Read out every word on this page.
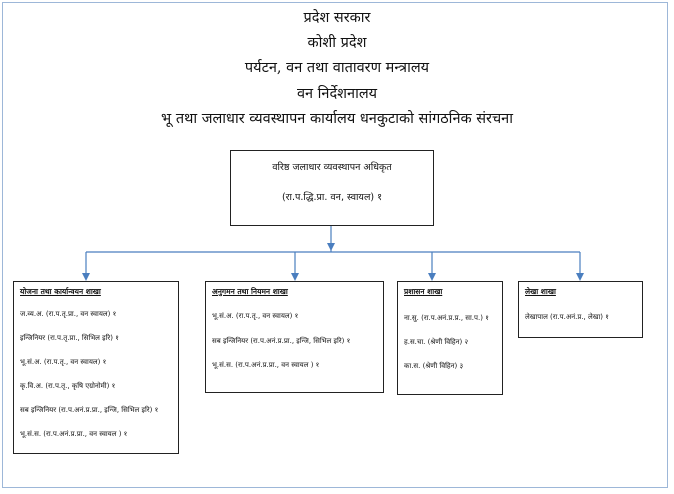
प्रदेश सरकार
कोशी प्रदेश
पर्यटन, वन तथा वातावरण मन्त्रालय
वन निर्देशनालय
भू तथा जलाधार व्यवस्थापन कार्यालय धनकुटाको सांगठनिक संरचना
वरिष्ठ जलाधार व्यवस्थापन अधिकृत
(रा.प.द्धि.प्रा. वन, स्वायल) १
योजना तथा कार्यान्वयन शाखा
ज.व्य.अ. (रा.प.तृ.प्रा., वन स्वायल) १
इन्जिनियर (रा.प.तृ.प्रा., सिभिल इरि) १
भू.सं.अ. (रा.प.तृ., वन स्वायल) १
कृ.वि.अ. (रा.प.तृ., कृषि एग्रोनोमी) १
सब इन्जिनियर (रा.प.अनं.प्र.प्रा., इन्जि, सिभिल इरि) १
भू.सं.स. (रा.प.अनं.प्र.प्रा., वन स्वायल ) १
अनुगमन तथा नियमन शाखा
भू.सं.अ. (रा.प.तृ., वन स्वायल) १
सब इन्जिनियर (रा.प.अनं.प्र.प्रा., इन्जि, सिभिल इरि) १
भू.सं.स. (रा.प.अनं.प्र.प्रा., वन स्वायल ) १
प्रशासन शाखा
ना.सु. (रा.प.अनं.प्र.प्र., सा.प.) १
ह.स.चा. (श्रेणी विहिन) २
का.स. (श्रेणी विहिन) ३
लेखा शाखा
लेखापाल (रा.प.अनं.प्र., लेखा) १
